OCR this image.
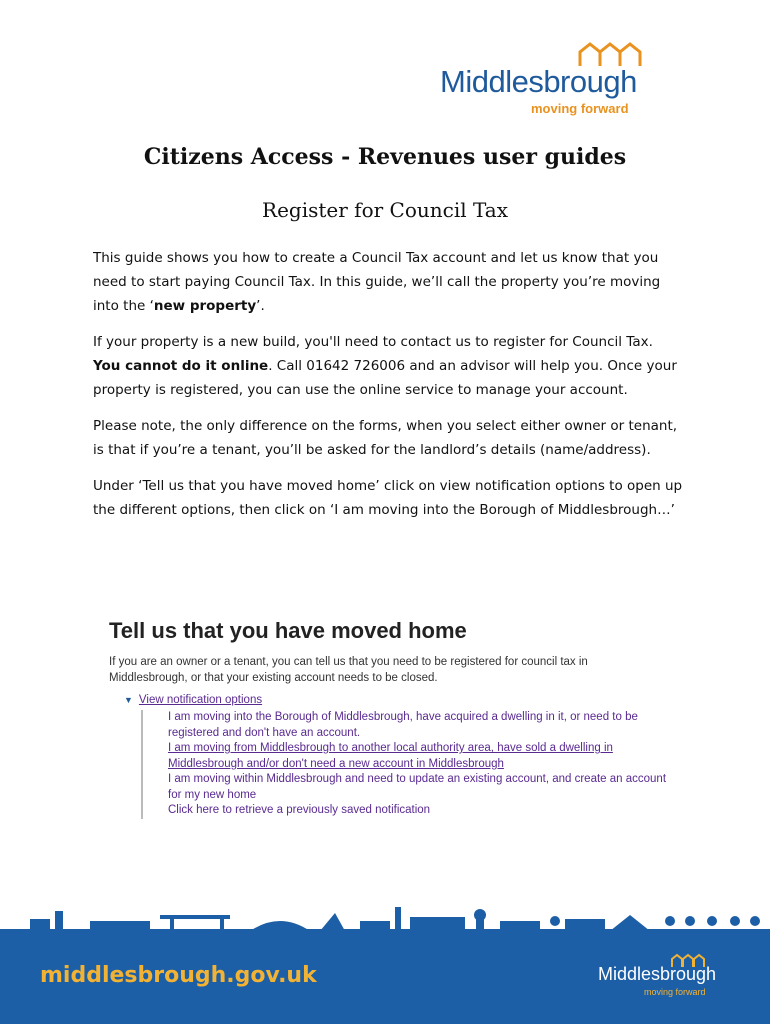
Middlesbrough
moving forward
Citizens Access - Revenues user guides
Register for Council Tax

This guide shows you how to create a Council Tax account and let us know that you need to start paying Council Tax. In this guide, we’ll call the property you’re moving into the ‘new property’.

If your property is a new build, you'll need to contact us to register for Council Tax. You cannot do it online. Call 01642 726006 and an advisor will help you. Once your property is registered, you can use the online service to manage your account.

Please note, the only difference on the forms, when you select either owner or tenant, is that if you’re a tenant, you’ll be asked for the landlord’s details (name/address).

Under ‘Tell us that you have moved home’ click on view notification options to open up the different options, then click on ‘I am moving into the Borough of Middlesbrough…’

Tell us that you have moved home
If you are an owner or a tenant, you can tell us that you need to be registered for council tax in Middlesbrough, or that your existing account needs to be closed.
▼ View notification options
I am moving into the Borough of Middlesbrough, have acquired a dwelling in it, or need to be registered and don't have an account.
I am moving from Middlesbrough to another local authority area, have sold a dwelling in Middlesbrough and/or don't need a new account in Middlesbrough
I am moving within Middlesbrough and need to update an existing account, and create an account for my new home
Click here to retrieve a previously saved notification
middlesbrough.gov.uk	Middlesbrough
moving forward
